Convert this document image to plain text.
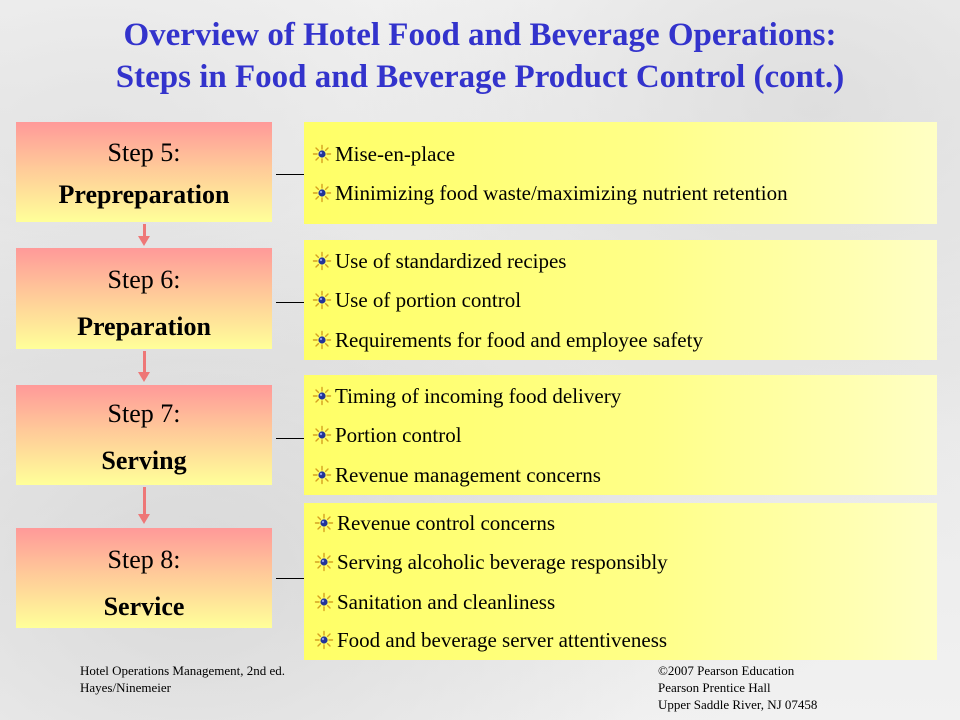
Overview of Hotel Food and Beverage Operations:
Steps in Food and Beverage Product Control (cont.)
Step 5:
Prepreparation
Mise-en-place
Minimizing food waste/maximizing nutrient retention
Step 6:
Preparation
Use of standardized recipes
Use of portion control
Requirements for food and employee safety
Step 7:
Serving
Timing of incoming food delivery
Portion control
Revenue management concerns
Step 8:
Service
Revenue control concerns
Serving alcoholic beverage responsibly
Sanitation and cleanliness
Food and beverage server attentiveness
Hotel Operations Management, 2nd ed.
Hayes/Ninemeier
©2007 Pearson Education
Pearson Prentice Hall
Upper Saddle River, NJ 07458
